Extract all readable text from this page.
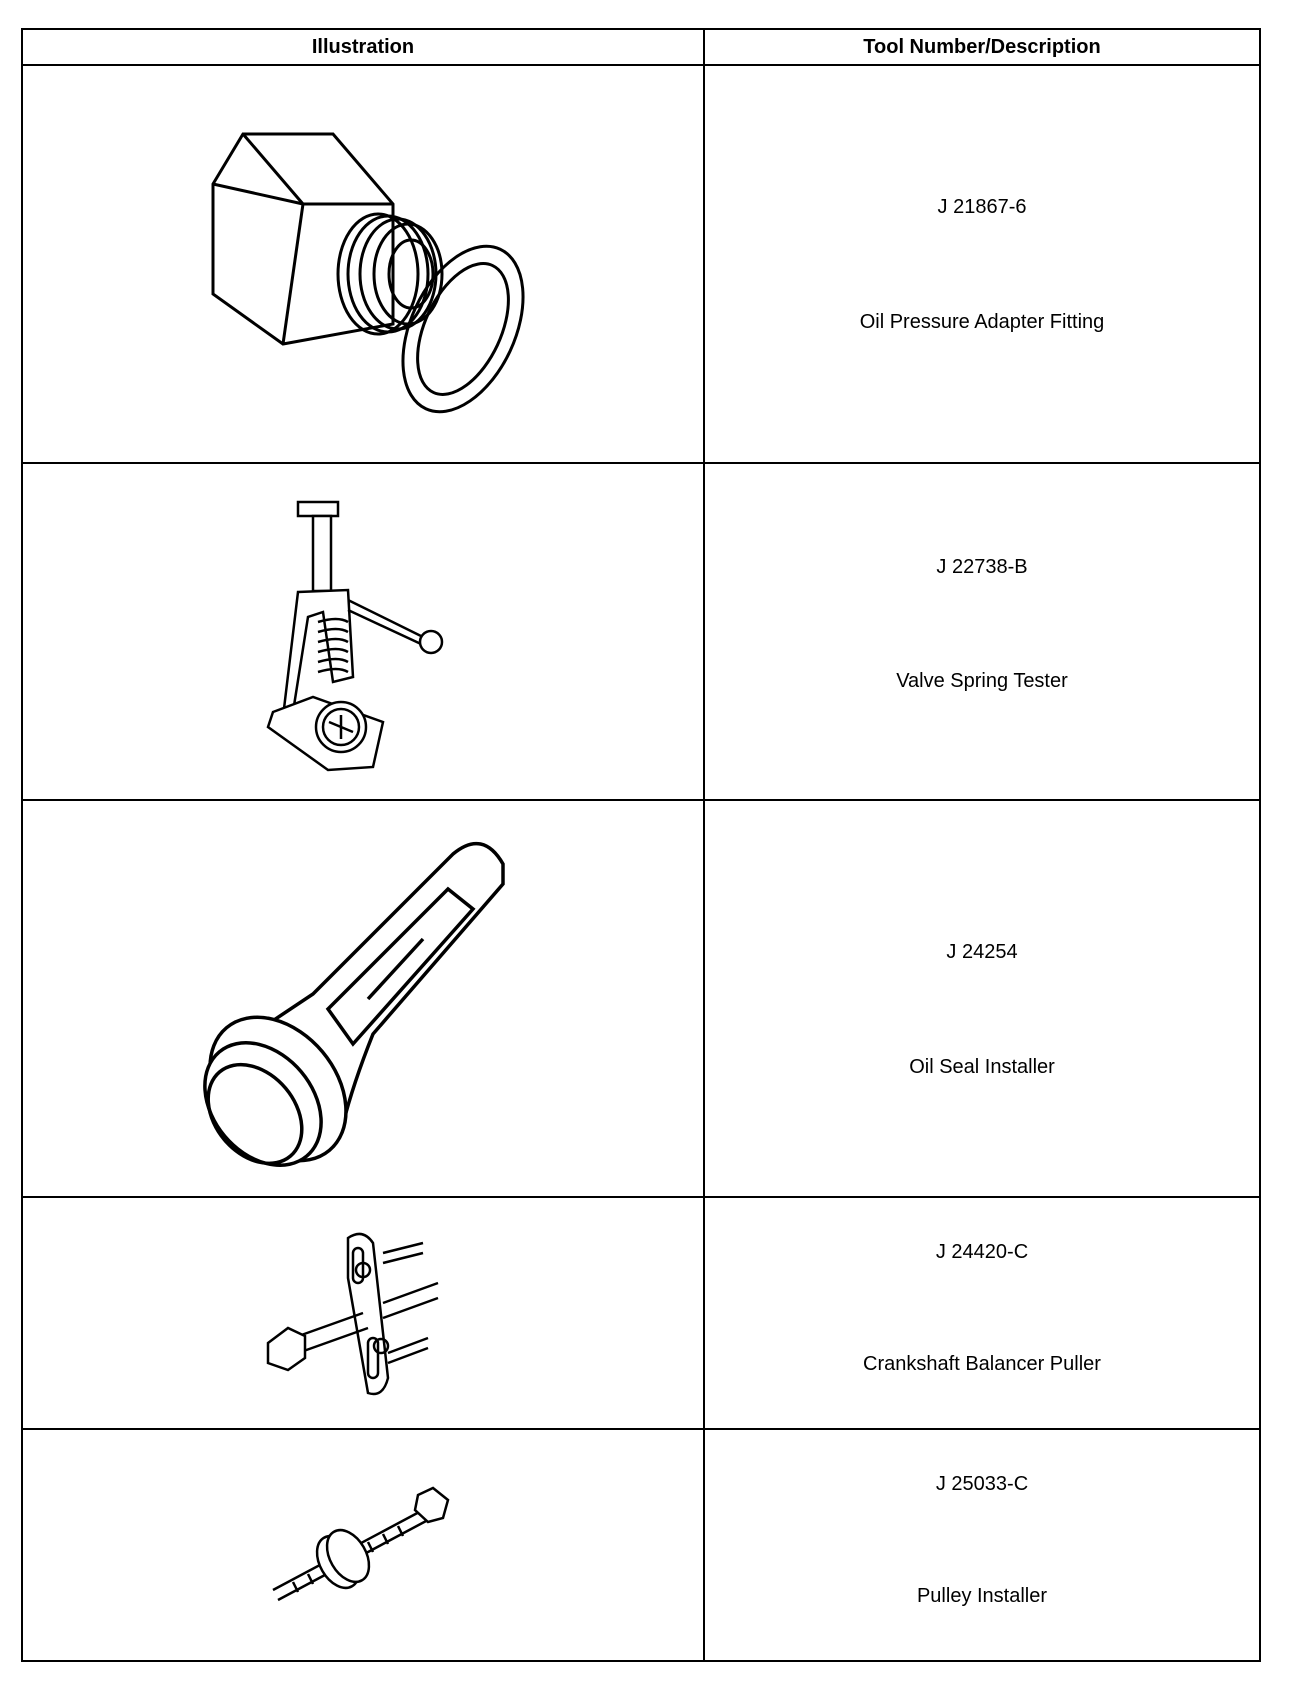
Illustration	Tool Number/Description

J 21867-6
Oil Pressure Adapter Fitting

J 22738-B
Valve Spring Tester

J 24254
Oil Seal Installer

J 24420-C
Crankshaft Balancer Puller

J 25033-C
Pulley Installer
